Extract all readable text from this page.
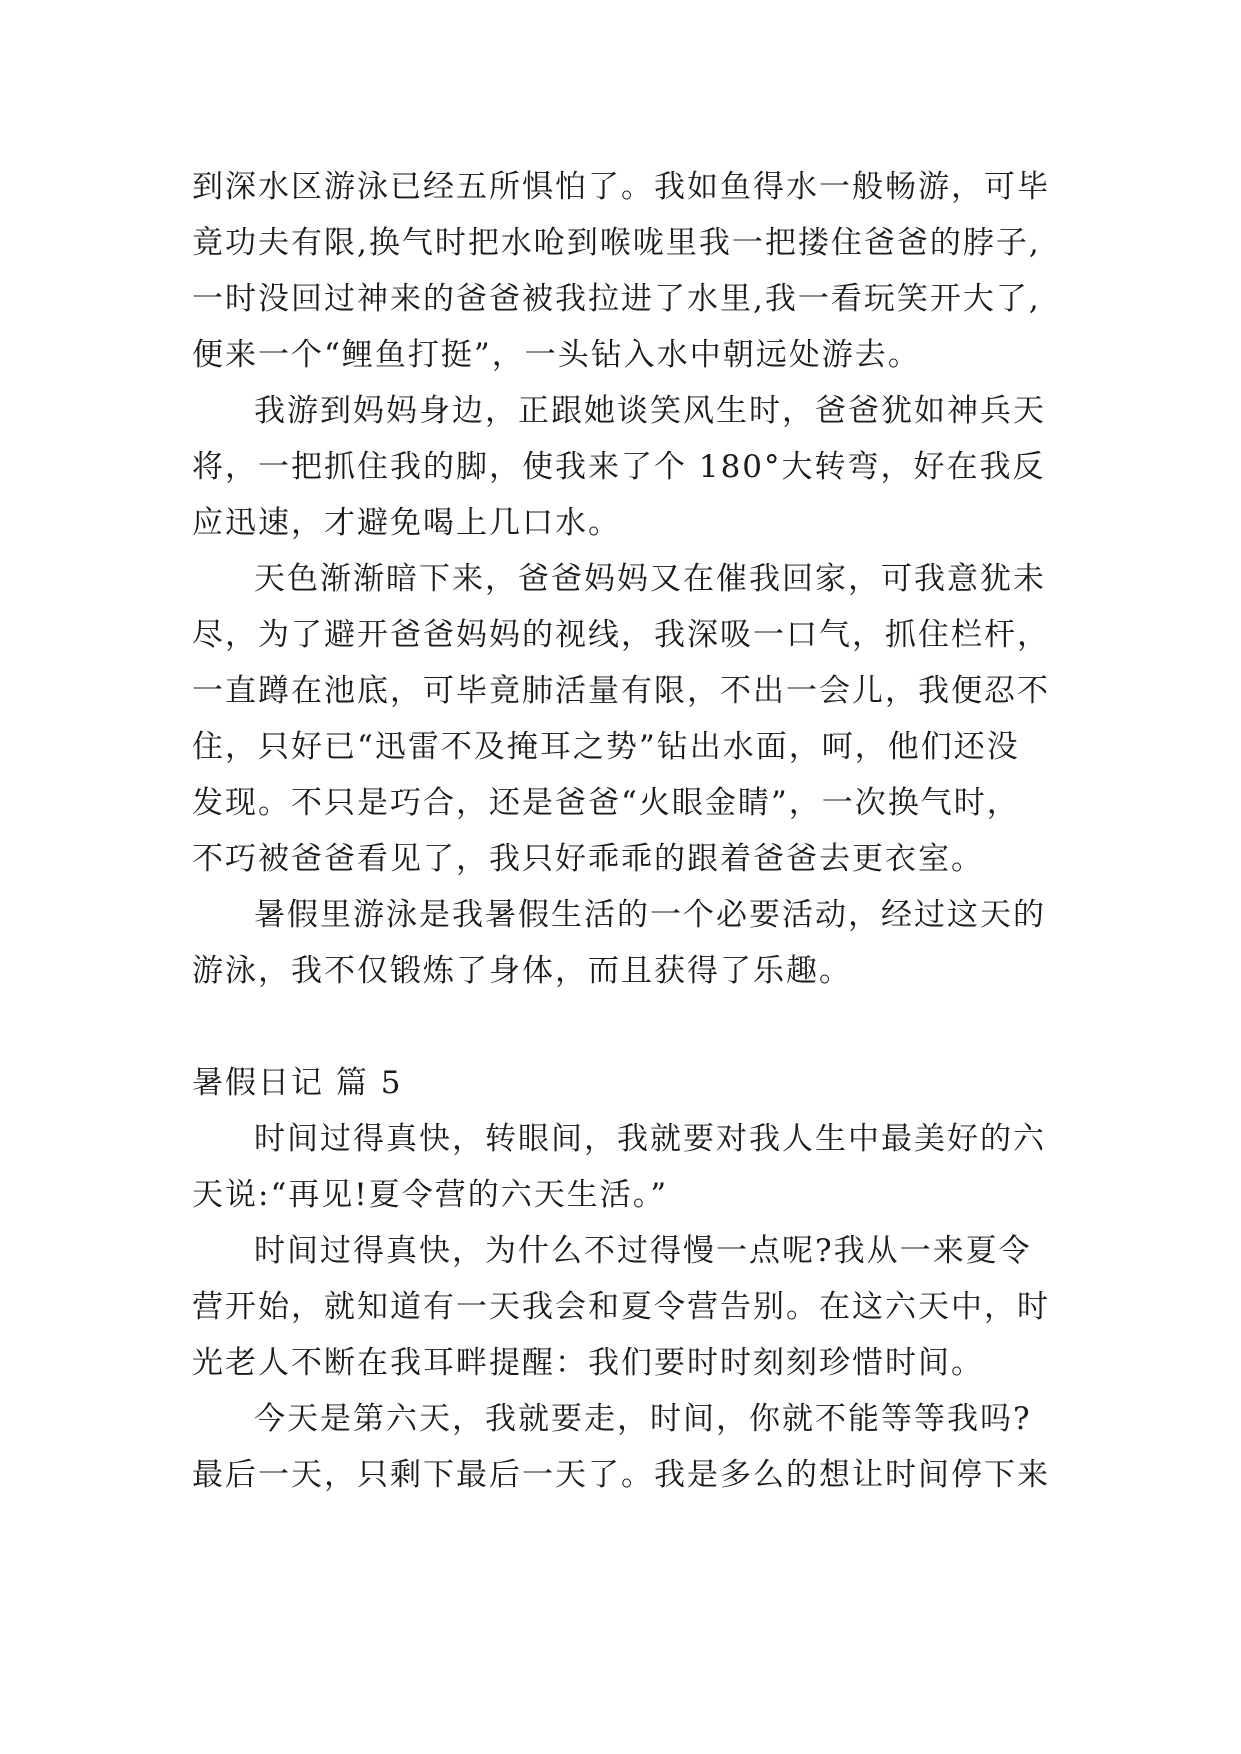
到深水区游泳已经五所惧怕了。我如鱼得水一般畅游，可毕
竟功夫有限,换气时把水呛到喉咙里我一把搂住爸爸的脖子,
一时没回过神来的爸爸被我拉进了水里,我一看玩笑开大了,
便来一个“鲤鱼打挺”，一头钻入水中朝远处游去。
我游到妈妈身边，正跟她谈笑风生时，爸爸犹如神兵天
将，一把抓住我的脚，使我来了个 180°大转弯，好在我反
应迅速，才避免喝上几口水。
天色渐渐暗下来，爸爸妈妈又在催我回家，可我意犹未
尽，为了避开爸爸妈妈的视线，我深吸一口气，抓住栏杆，
一直蹲在池底，可毕竟肺活量有限，不出一会儿，我便忍不
住，只好已“迅雷不及掩耳之势”钻出水面，呵，他们还没
发现。不只是巧合，还是爸爸“火眼金睛”，一次换气时，
不巧被爸爸看见了，我只好乖乖的跟着爸爸去更衣室。
暑假里游泳是我暑假生活的一个必要活动，经过这天的
游泳，我不仅锻炼了身体，而且获得了乐趣。
暑假日记 篇 5
时间过得真快，转眼间，我就要对我人生中最美好的六
天说:“再见!夏令营的六天生活。”
时间过得真快，为什么不过得慢一点呢?我从一来夏令
营开始，就知道有一天我会和夏令营告别。在这六天中，时
光老人不断在我耳畔提醒：我们要时时刻刻珍惜时间。
今天是第六天，我就要走，时间，你就不能等等我吗?
最后一天，只剩下最后一天了。我是多么的想让时间停下来
